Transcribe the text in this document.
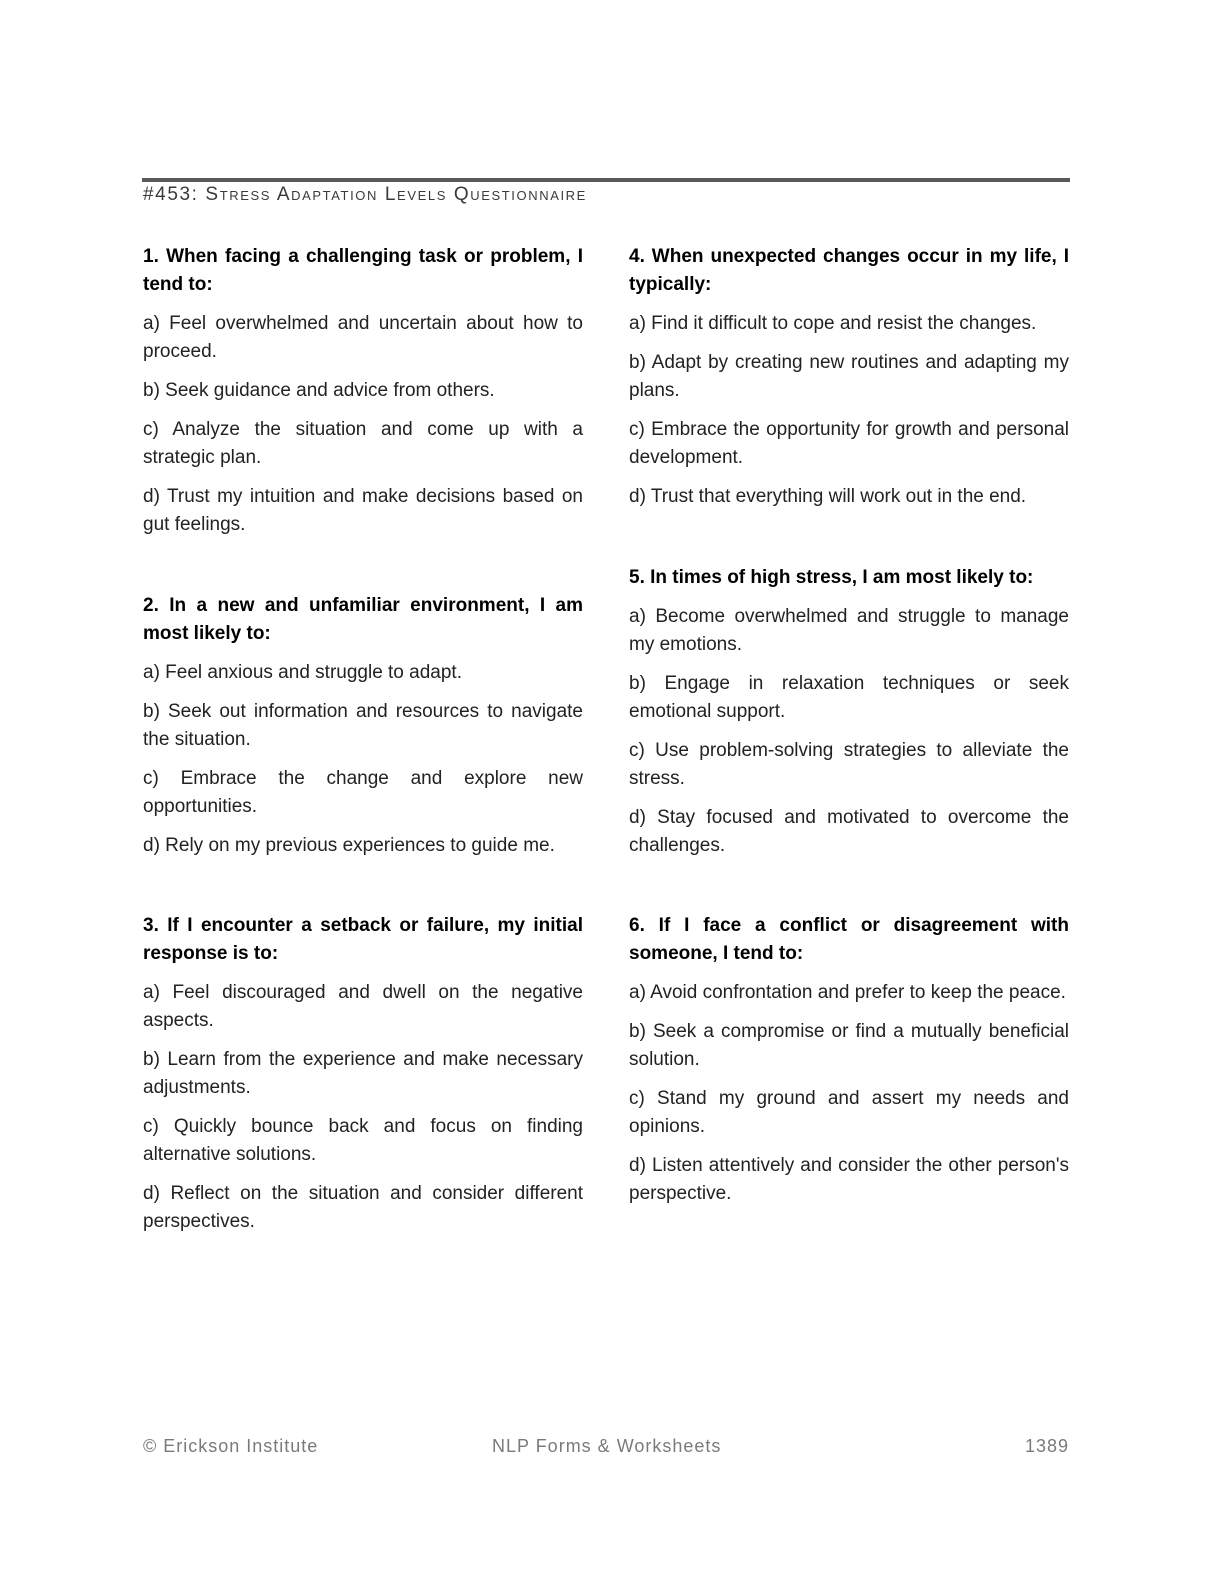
#453: Stress Adaptation Levels Questionnaire

1. When facing a challenging task or problem, I tend to:

a) Feel overwhelmed and uncertain about how to proceed.

b) Seek guidance and advice from others.

c) Analyze the situation and come up with a strategic plan.

d) Trust my intuition and make decisions based on gut feelings.

2. In a new and unfamiliar environment, I am most likely to:

a) Feel anxious and struggle to adapt.

b) Seek out information and resources to navigate the situation.

c) Embrace the change and explore new opportunities.

d) Rely on my previous experiences to guide me.

3. If I encounter a setback or failure, my initial response is to:

a) Feel discouraged and dwell on the negative aspects.

b) Learn from the experience and make necessary adjustments.

c) Quickly bounce back and focus on finding alternative solutions.

d) Reflect on the situation and consider different perspectives.

4. When unexpected changes occur in my life, I typically:

a) Find it difficult to cope and resist the changes.

b) Adapt by creating new routines and adapting my plans.

c) Embrace the opportunity for growth and personal development.

d) Trust that everything will work out in the end.

5. In times of high stress, I am most likely to:

a) Become overwhelmed and struggle to manage my emotions.

b) Engage in relaxation techniques or seek emotional support.

c) Use problem-solving strategies to alleviate the stress.

d) Stay focused and motivated to overcome the challenges.

6. If I face a conflict or disagreement with someone, I tend to:

a) Avoid confrontation and prefer to keep the peace.

b) Seek a compromise or find a mutually beneficial solution.

c) Stand my ground and assert my needs and opinions.

d) Listen attentively and consider the other person's perspective.

© Erickson Institute	NLP Forms & Worksheets	1389
